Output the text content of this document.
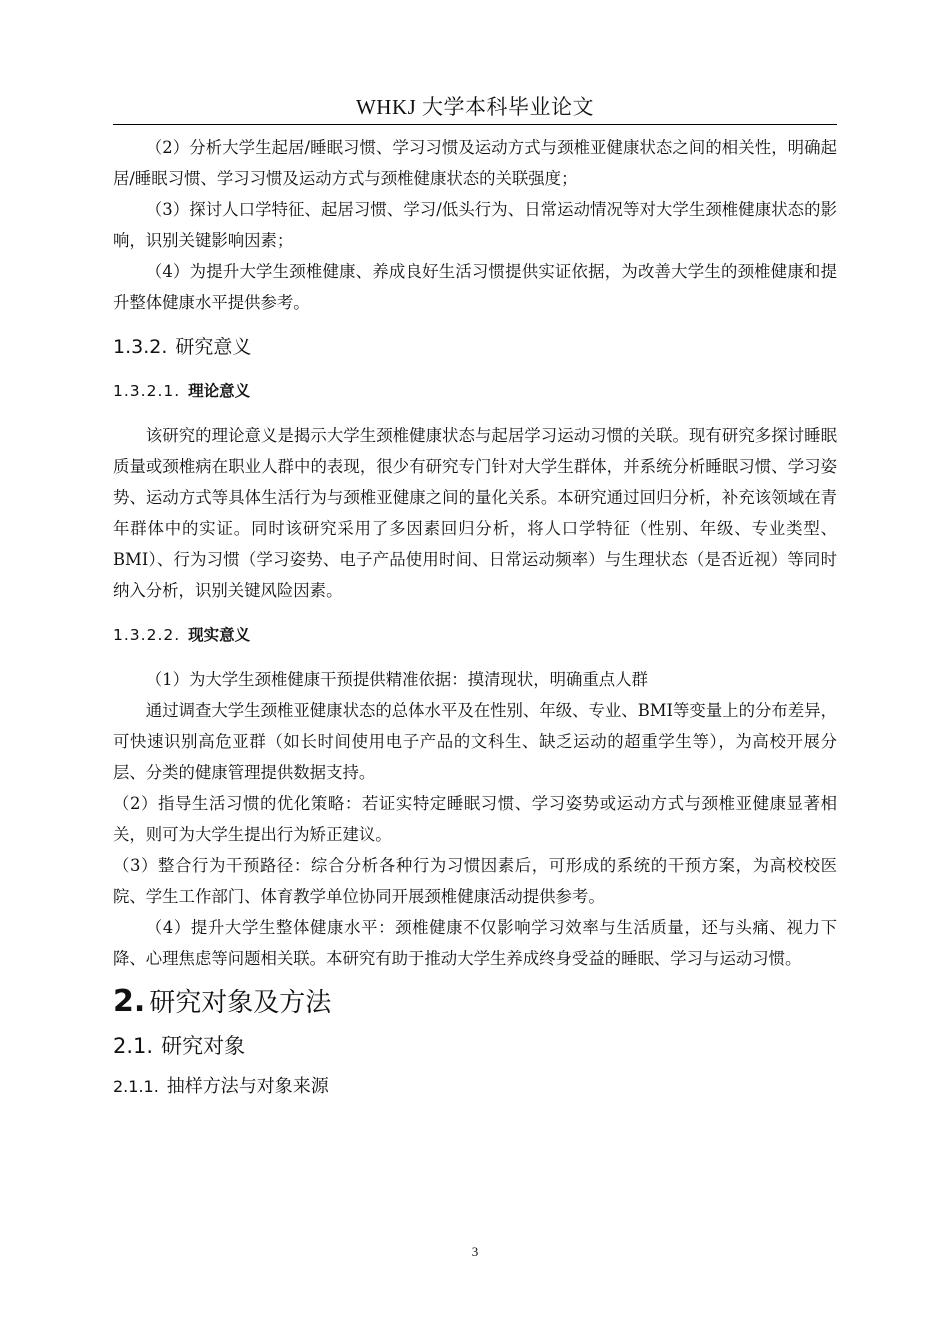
WHKJ 大学本科毕业论文

（2）分析大学生起居/睡眠习惯、学习习惯及运动方式与颈椎亚健康状态之间的相关性，明确起居/睡眠习惯、学习习惯及运动方式与颈椎健康状态的关联强度；

（3）探讨人口学特征、起居习惯、学习/低头行为、日常运动情况等对大学生颈椎健康状态的影响，识别关键影响因素；

（4）为提升大学生颈椎健康、养成良好生活习惯提供实证依据，为改善大学生的颈椎健康和提升整体健康水平提供参考。

1.3.2. 研究意义
1.3.2.1. 理论意义

该研究的理论意义是揭示大学生颈椎健康状态与起居学习运动习惯的关联。现有研究多探讨睡眠质量或颈椎病在职业人群中的表现，很少有研究专门针对大学生群体，并系统分析睡眠习惯、学习姿势、运动方式等具体生活行为与颈椎亚健康之间的量化关系。本研究通过回归分析，补充该领域在青年群体中的实证。同时该研究采用了多因素回归分析，将人口学特征（性别、年级、专业类型、BMI）、行为习惯（学习姿势、电子产品使用时间、日常运动频率）与生理状态（是否近视）等同时纳入分析，识别关键风险因素。

1.3.2.2. 现实意义

（1）为大学生颈椎健康干预提供精准依据：摸清现状，明确重点人群

通过调查大学生颈椎亚健康状态的总体水平及在性别、年级、专业、BMI等变量上的分布差异，可快速识别高危亚群（如长时间使用电子产品的文科生、缺乏运动的超重学生等），为高校开展分层、分类的健康管理提供数据支持。

（2）指导生活习惯的优化策略：若证实特定睡眠习惯、学习姿势或运动方式与颈椎亚健康显著相关，则可为大学生提出行为矫正建议。

（3）整合行为干预路径：综合分析各种行为习惯因素后，可形成的系统的干预方案，为高校校医院、学生工作部门、体育教学单位协同开展颈椎健康活动提供参考。

（4）提升大学生整体健康水平：颈椎健康不仅影响学习效率与生活质量，还与头痛、视力下降、心理焦虑等问题相关联。本研究有助于推动大学生养成终身受益的睡眠、学习与运动习惯。

2. 研究对象及方法
2.1. 研究对象
2.1.1. 抽样方法与对象来源
3
